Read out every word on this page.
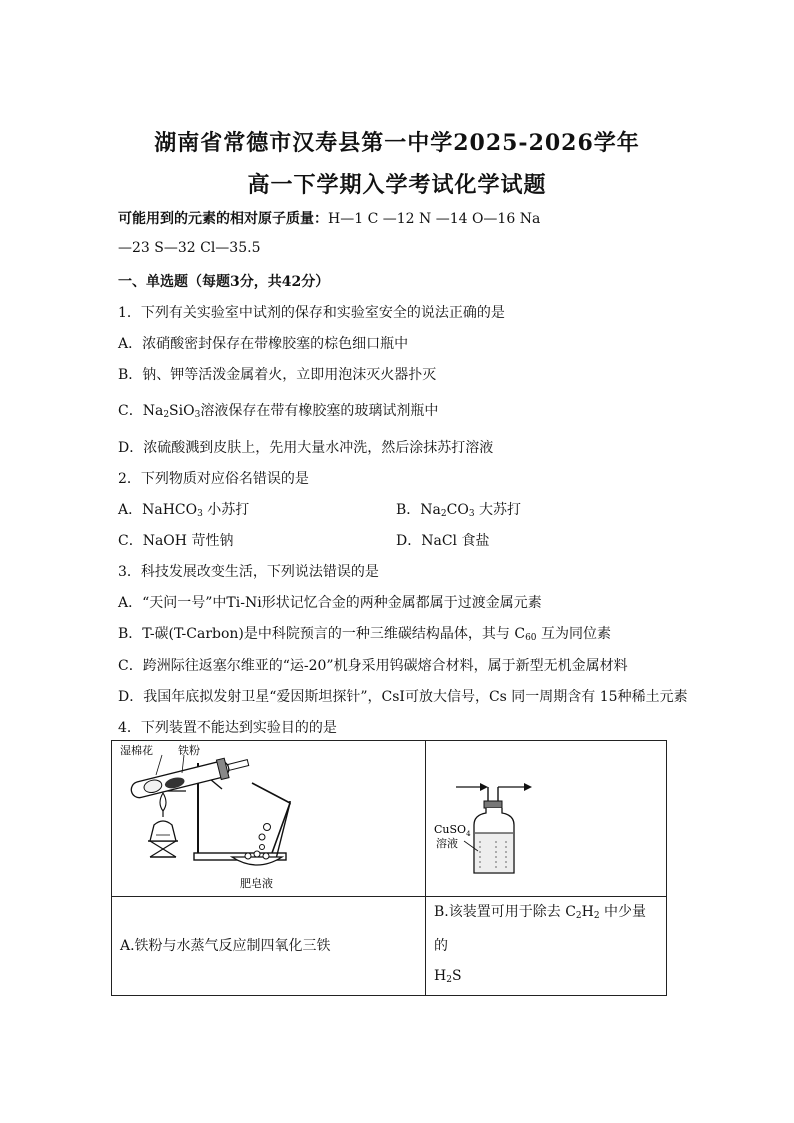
湖南省常德市汉寿县第一中学2025-2026学年
高一下学期入学考试化学试题
可能用到的元素的相对原子质量：H—1 C —12 N —14 O—16 Na
—23 S—32 Cl—35.5
一、单选题（每题3分，共42分）
1．下列有关实验室中试剂的保存和实验室安全的说法正确的是
A．浓硝酸密封保存在带橡胶塞的棕色细口瓶中
B．钠、钾等活泼金属着火，立即用泡沫灭火器扑灭
C．$Na_2SiO_3$溶液保存在带有橡胶塞的玻璃试剂瓶中
D．浓硫酸溅到皮肤上，先用大量水冲洗，然后涂抹苏打溶液
2．下列物质对应俗名错误的是
A．NaHCO$_3$ 小苏打	B．$Na_2CO_3$ 大苏打
C．NaOH 苛性钠	D．NaCl 食盐
3．科技发展改变生活，下列说法错误的是
A．“天问一号”中Ti-Ni形状记忆合金的两种金属都属于过渡金属元素
B．T-碳(T-Carbon)是中科院预言的一种三维碳结构晶体，其与 $C_{60}$ 互为同位素
C．跨洲际往返塞尔维亚的“运-20”机身采用钨碳熔合材料，属于新型无机金属材料
D．我国年底拟发射卫星“爱因斯坦探针”，CsI可放大信号，Cs 同一周期含有 15种稀土元素
4．下列装置不能达到实验目的的是
湿棉花 铁粉
肥皂液	CuSO$_4$
溶液

A.铁粉与水蒸气反应制四氧化三铁	B.该装置可用于除去 $C_2H_2$ 中少量的
$H_2S$
